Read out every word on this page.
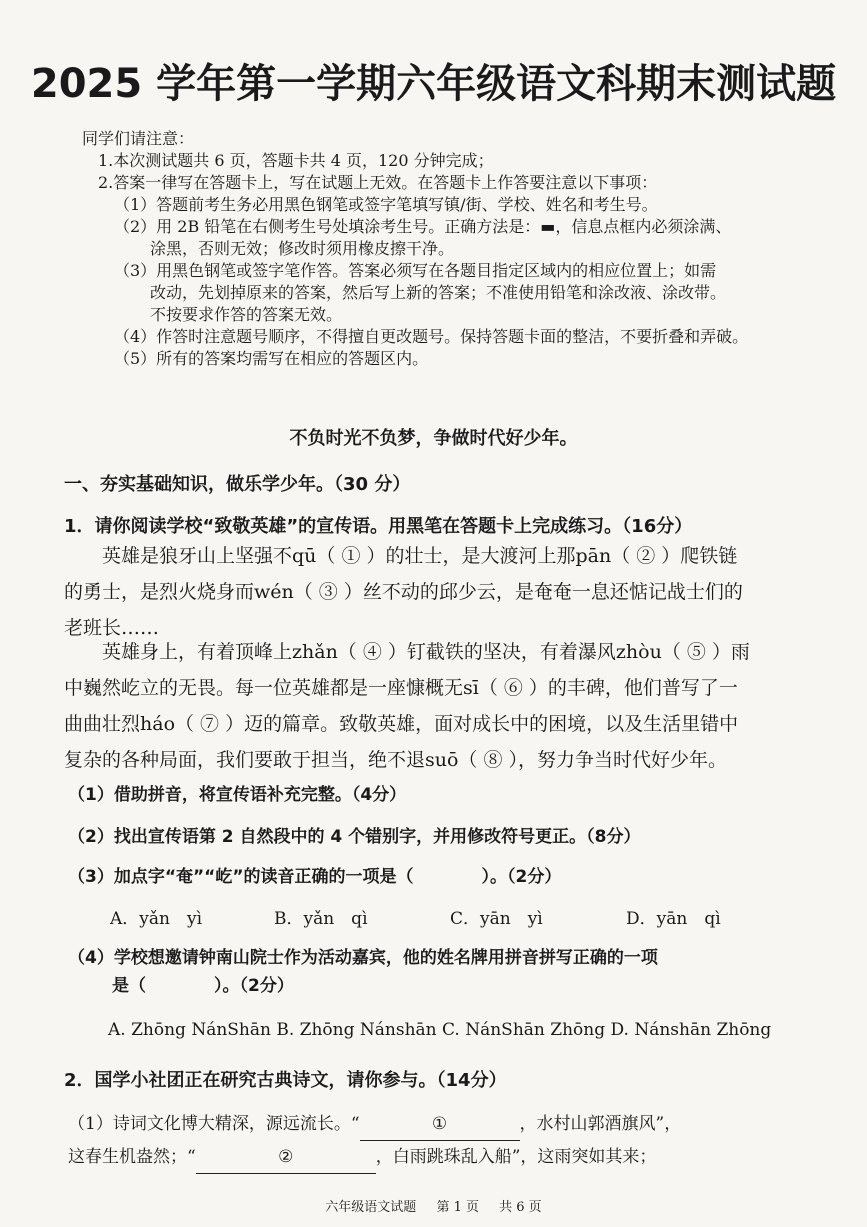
2025 学年第一学期六年级语文科期末测试题
同学们请注意：
1.本次测试题共 6 页，答题卡共 4 页，120 分钟完成；
2.答案一律写在答题卡上，写在试题上无效。在答题卡上作答要注意以下事项：
（1）答题前考生务必用黑色钢笔或签字笔填写镇/街、学校、姓名和考生号。
（2）用 2B 铅笔在右侧考生号处填涂考生号。正确方法是：▬，信息点框内必须涂满、
涂黑，否则无效；修改时须用橡皮擦干净。
（3）用黑色钢笔或签字笔作答。答案必须写在各题目指定区域内的相应位置上；如需
改动，先划掉原来的答案，然后写上新的答案；不准使用铅笔和涂改液、涂改带。
不按要求作答的答案无效。
（4）作答时注意题号顺序，不得擅自更改题号。保持答题卡面的整洁，不要折叠和弄破。
（5）所有的答案均需写在相应的答题区内。
不负时光不负梦，争做时代好少年。
一、夯实基础知识，做乐学少年。（30 分）
1．请你阅读学校“致敬英雄”的宣传语。用黑笔在答题卡上完成练习。（16分）
英雄是狼牙山上坚强不qū（ ① ）的壮士，是大渡河上那pān（ ② ）爬铁链
的勇士，是烈火烧身而wén（ ③ ）丝不动的邱少云，是奄奄一息还惦记战士们的
老班长……
英雄身上，有着顶峰上zhǎn（ ④ ）钉截铁的坚决，有着瀑风zhòu（ ⑤ ）雨
中巍然屹立的无畏。每一位英雄都是一座慷概无sī（ ⑥ ）的丰碑，他们普写了一
曲曲壮烈háo（ ⑦ ）迈的篇章。致敬英雄，面对成长中的困境，以及生活里错中
复杂的各种局面，我们要敢于担当，绝不退suō（ ⑧ ），努力争当时代好少年。
（1）借助拼音，将宣传语补充完整。（4分）
（2）找出宣传语第 2 自然段中的 4 个错别字，并用修改符号更正。（8分）
（3）加点字“奄”“屹”的读音正确的一项是（　　　　）。（2分）
A．yǎn　yì	B．yǎn　qì	C．yān　yì	D．yān　qì
（4）学校想邀请钟南山院士作为活动嘉宾，他的姓名牌用拼音拼写正确的一项
是（　　　　）。（2分）
A. Zhōng NánShān B. Zhōng Nánshān C. NánShān Zhōng D. Nánshān Zhōng
2．国学小社团正在研究古典诗文，请你参与。（14分）
（1）诗词文化博大精深，源远流长。“	①	，水村山郭酒旗风”，
这春生机盎然；“	②	，白雨跳珠乱入船”，这雨突如其来；
六年级语文试题 第 1 页 共 6 页
